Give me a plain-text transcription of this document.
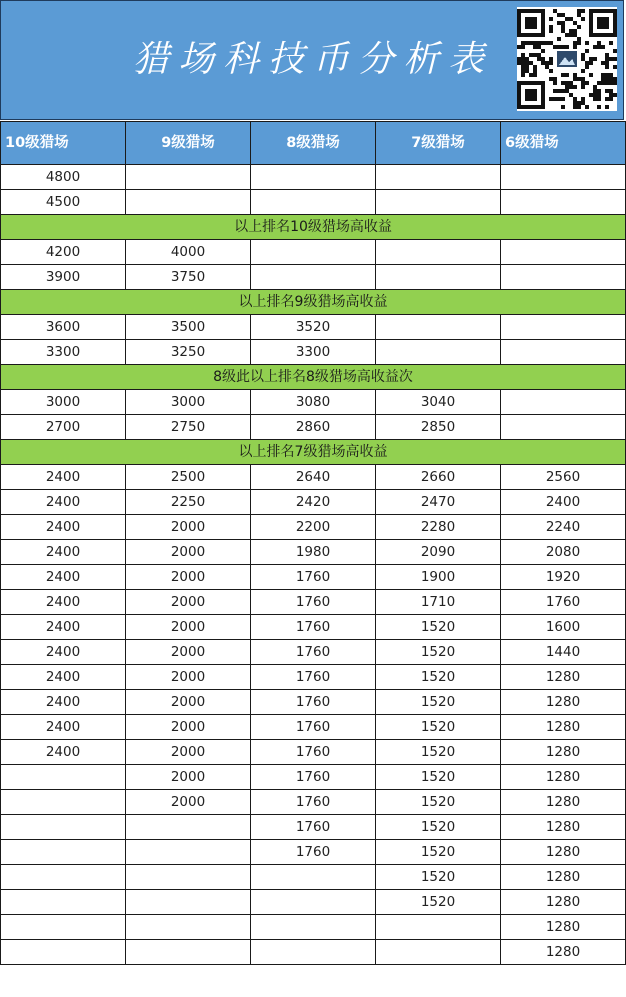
猎场科技币分析表
10级猎场	9级猎场	8级猎场	7级猎场	6级猎场
4800				
4500				
以上排名10级猎场高收益				
4200	4000			
3900	3750			
以上排名9级猎场高收益				
3600	3500	3520		
3300	3250	3300		
8级此以上排名8级猎场高收益次				
3000	3000	3080	3040	
2700	2750	2860	2850	
以上排名7级猎场高收益				
2400	2500	2640	2660	2560
2400	2250	2420	2470	2400
2400	2000	2200	2280	2240
2400	2000	1980	2090	2080
2400	2000	1760	1900	1920
2400	2000	1760	1710	1760
2400	2000	1760	1520	1600
2400	2000	1760	1520	1440
2400	2000	1760	1520	1280
2400	2000	1760	1520	1280
2400	2000	1760	1520	1280
2400	2000	1760	1520	1280
	2000	1760	1520	1280
	2000	1760	1520	1280
		1760	1520	1280
		1760	1520	1280
			1520	1280
			1520	1280
				1280
				1280
